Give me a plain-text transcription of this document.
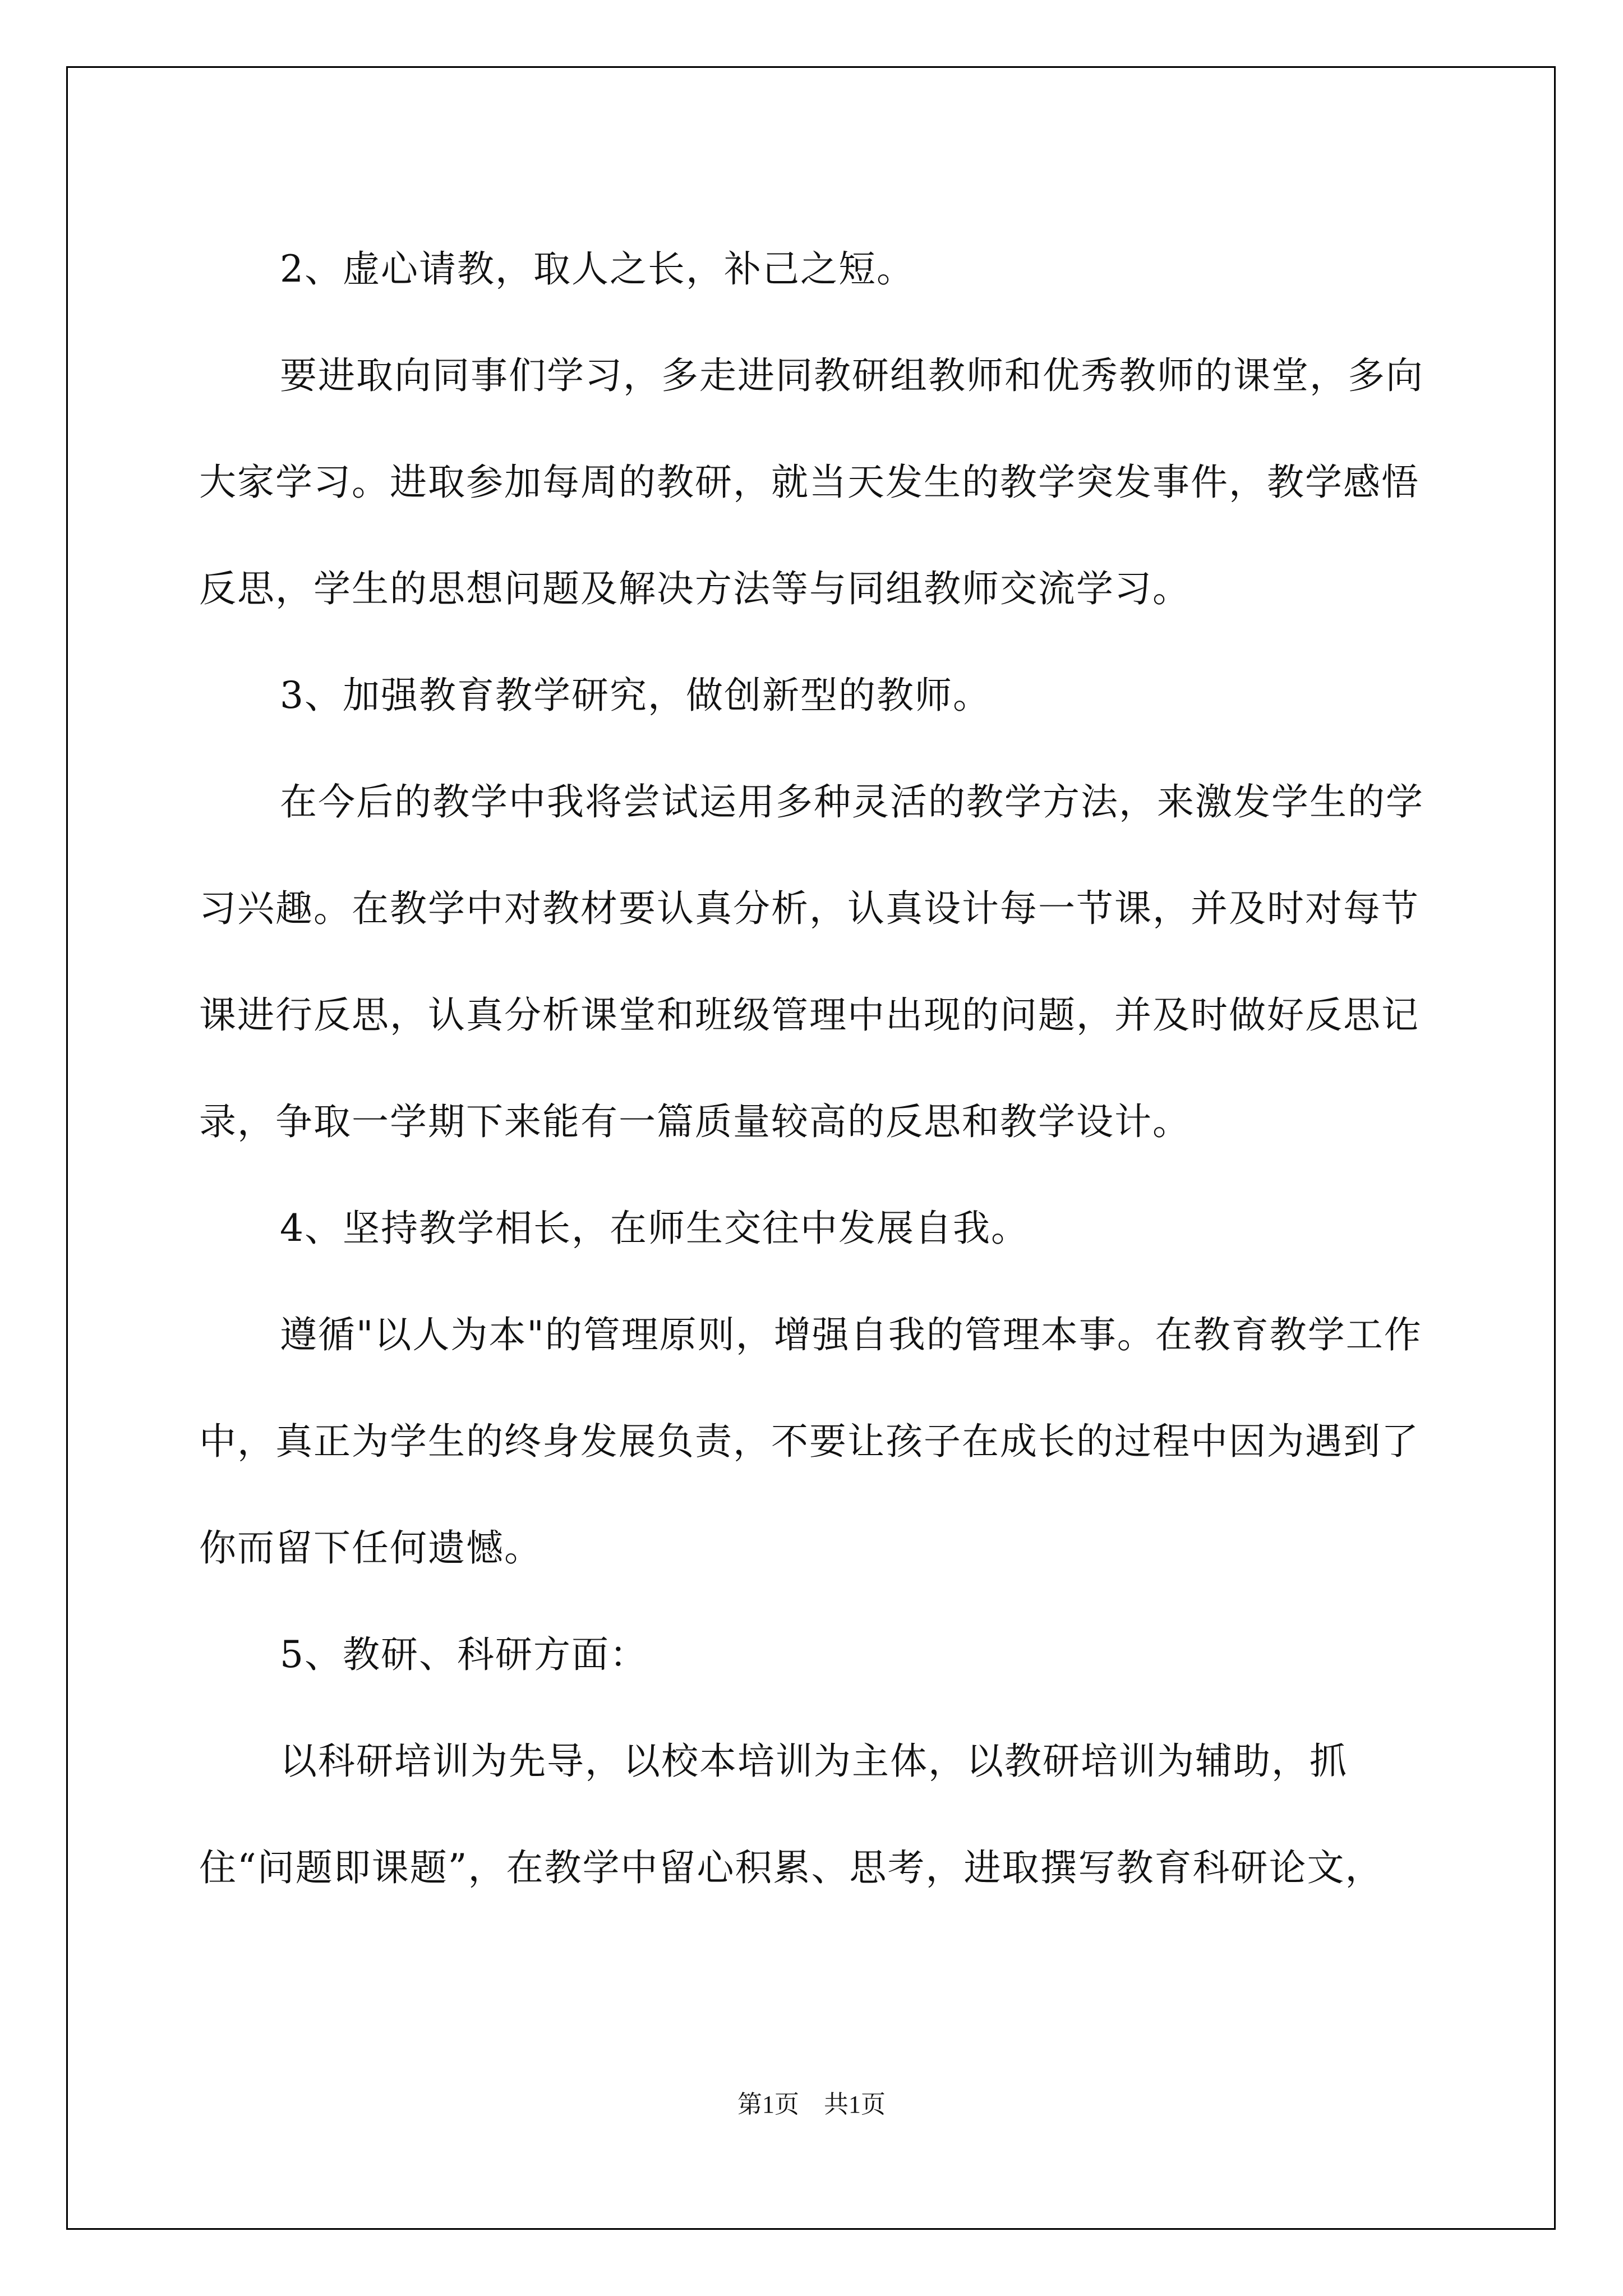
2、虚心请教，取人之长，补己之短。

要进取向同事们学习，多走进同教研组教师和优秀教师的课堂，多向大家学习。进取参加每周的教研，就当天发生的教学突发事件，教学感悟反思，学生的思想问题及解决方法等与同组教师交流学习。

3、加强教育教学研究，做创新型的教师。

在今后的教学中我将尝试运用多种灵活的教学方法，来激发学生的学习兴趣。在教学中对教材要认真分析，认真设计每一节课，并及时对每节课进行反思，认真分析课堂和班级管理中出现的问题，并及时做好反思记录，争取一学期下来能有一篇质量较高的反思和教学设计。

4、坚持教学相长，在师生交往中发展自我。

遵循"以人为本"的管理原则，增强自我的管理本事。在教育教学工作中，真正为学生的终身发展负责，不要让孩子在成长的过程中因为遇到了你而留下任何遗憾。

5、教研、科研方面：

以科研培训为先导，以校本培训为主体，以教研培训为辅助，抓住“问题即课题”，在教学中留心积累、思考，进取撰写教育科研论文，

第1页　共1页
